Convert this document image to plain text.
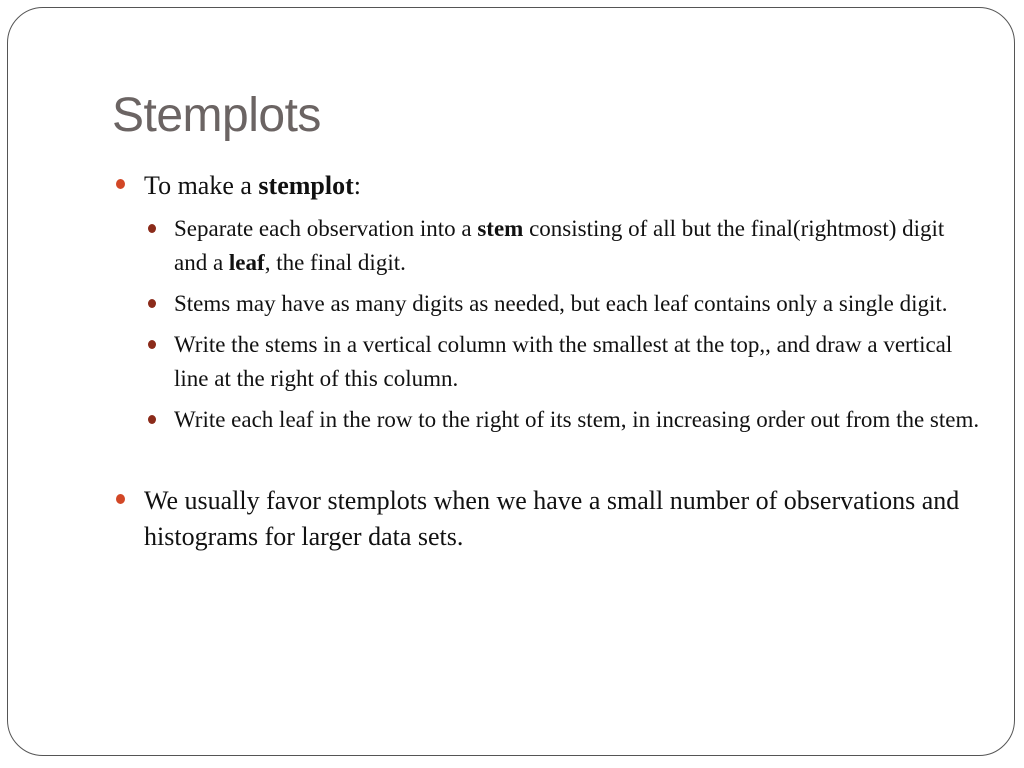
Stemplots
To make a stemplot:
Separate each observation into a stem consisting of all but the final(rightmost) digit and a leaf, the final digit.
Stems may have as many digits as needed, but each leaf contains only a single digit.
Write the stems in a vertical column with the smallest at the top,, and draw a vertical line at the right of this column.
Write each leaf in the row to the right of its stem, in increasing order out from the stem.
We usually favor stemplots when we have a small number of observations and histograms for larger data sets.
